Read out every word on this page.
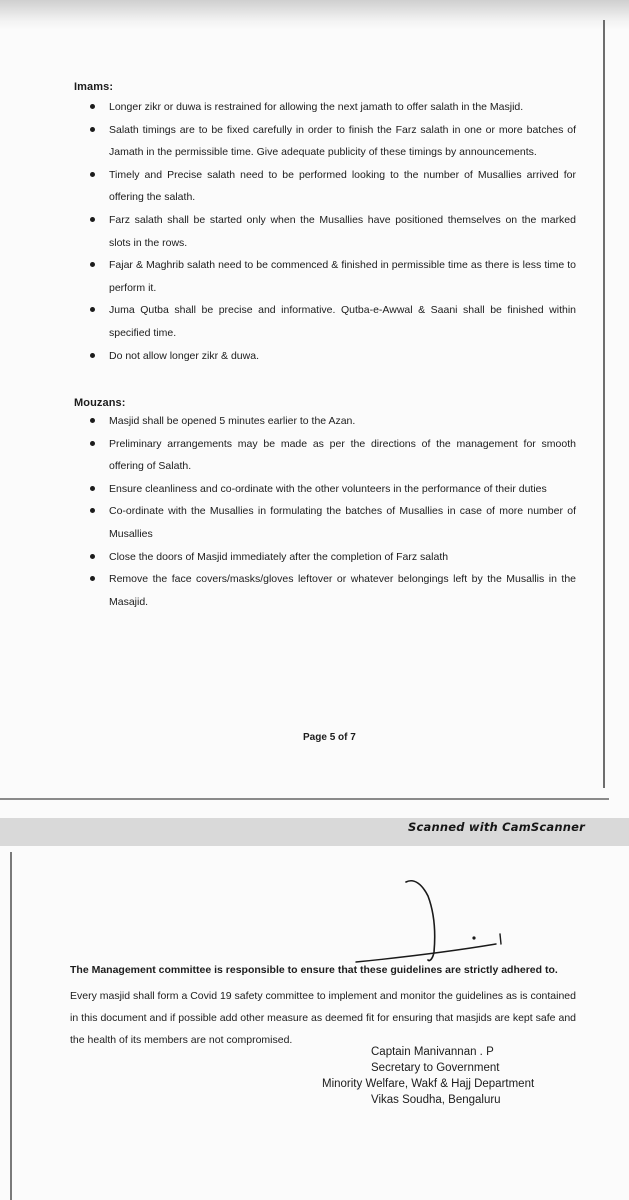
Imams:
Longer zikr or duwa is restrained for allowing the next jamath to offer salath in the Masjid.
Salath timings are to be fixed carefully in order to finish the Farz salath in one or more batches of Jamath in the permissible time. Give adequate publicity of these timings by announcements.
Timely and Precise salath need to be performed looking to the number of Musallies arrived for offering the salath.
Farz salath shall be started only when the Musallies have positioned themselves on the marked slots in the rows.
Fajar & Maghrib salath need to be commenced & finished in permissible time as there is less time to perform it.
Juma Qutba shall be precise and informative. Qutba-e-Awwal & Saani shall be finished within specified time.
Do not allow longer zikr & duwa.
Mouzans:
Masjid shall be opened 5 minutes earlier to the Azan.
Preliminary arrangements may be made as per the directions of the management for smooth offering of Salath.
Ensure cleanliness and co-ordinate with the other volunteers in the performance of their duties
Co-ordinate with the Musallies in formulating the batches of Musallies in case of more number of Musallies
Close the doors of Masjid immediately after the completion of Farz salath
Remove the face covers/masks/gloves leftover or whatever belongings left by the Musallis in the Masajid.
Page 5 of 7
Scanned with CamScanner
The Management committee is responsible to ensure that these guidelines are strictly adhered to.

Every masjid shall form a Covid 19 safety committee to implement and monitor the guidelines as is contained in this document and if possible add other measure as deemed fit for ensuring that masjids are kept safe and the health of its members are not compromised.

Captain Manivannan . P
Secretary to Government
Minority Welfare, Wakf & Hajj Department
Vikas Soudha, Bengaluru
